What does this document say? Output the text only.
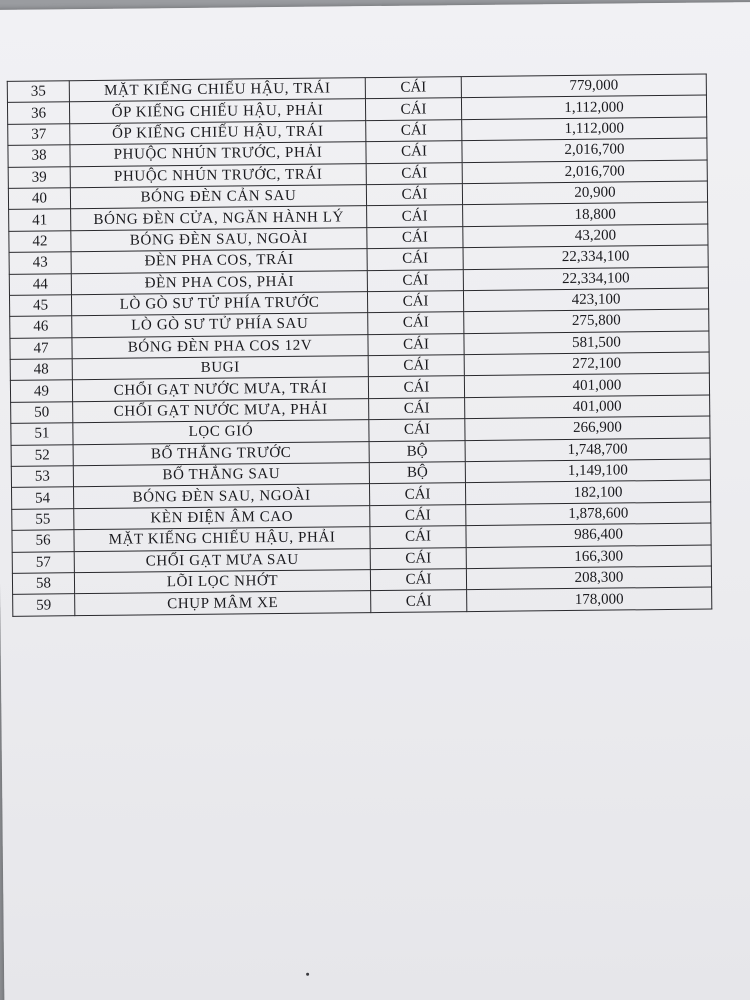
35	MẶT KIẾNG CHIẾU HẬU, TRÁI	CÁI	779,000
36	ỐP KIẾNG CHIẾU HẬU, PHẢI	CÁI	1,112,000
37	ỐP KIẾNG CHIẾU HẬU, TRÁI	CÁI	1,112,000
38	PHUỘC NHÚN TRƯỚC, PHẢI	CÁI	2,016,700
39	PHUỘC NHÚN TRƯỚC, TRÁI	CÁI	2,016,700
40	BÓNG ĐÈN CẢN SAU	CÁI	20,900
41	BÓNG ĐÈN CỬA, NGĂN HÀNH LÝ	CÁI	18,800
42	BÓNG ĐÈN SAU, NGOÀI	CÁI	43,200
43	ĐÈN PHA COS, TRÁI	CÁI	22,334,100
44	ĐÈN PHA COS, PHẢI	CÁI	22,334,100
45	LÒ GÒ SƯ TỬ PHÍA TRƯỚC	CÁI	423,100
46	LÒ GÒ SƯ TỬ PHÍA SAU	CÁI	275,800
47	BÓNG ĐÈN PHA COS 12V	CÁI	581,500
48	BUGI	CÁI	272,100
49	CHỔI GẠT NƯỚC MƯA, TRÁI	CÁI	401,000
50	CHỔI GẠT NƯỚC MƯA, PHẢI	CÁI	401,000
51	LỌC GIÓ	CÁI	266,900
52	BỐ THẮNG TRƯỚC	BỘ	1,748,700
53	BỐ THẮNG SAU	BỘ	1,149,100
54	BÓNG ĐÈN SAU, NGOÀI	CÁI	182,100
55	KÈN ĐIỆN ÂM CAO	CÁI	1,878,600
56	MẶT KIẾNG CHIẾU HẬU, PHẢI	CÁI	986,400
57	CHỔI GẠT MƯA SAU	CÁI	166,300
58	LÕI LỌC NHỚT	CÁI	208,300
59	CHỤP MÂM XE	CÁI	178,000
